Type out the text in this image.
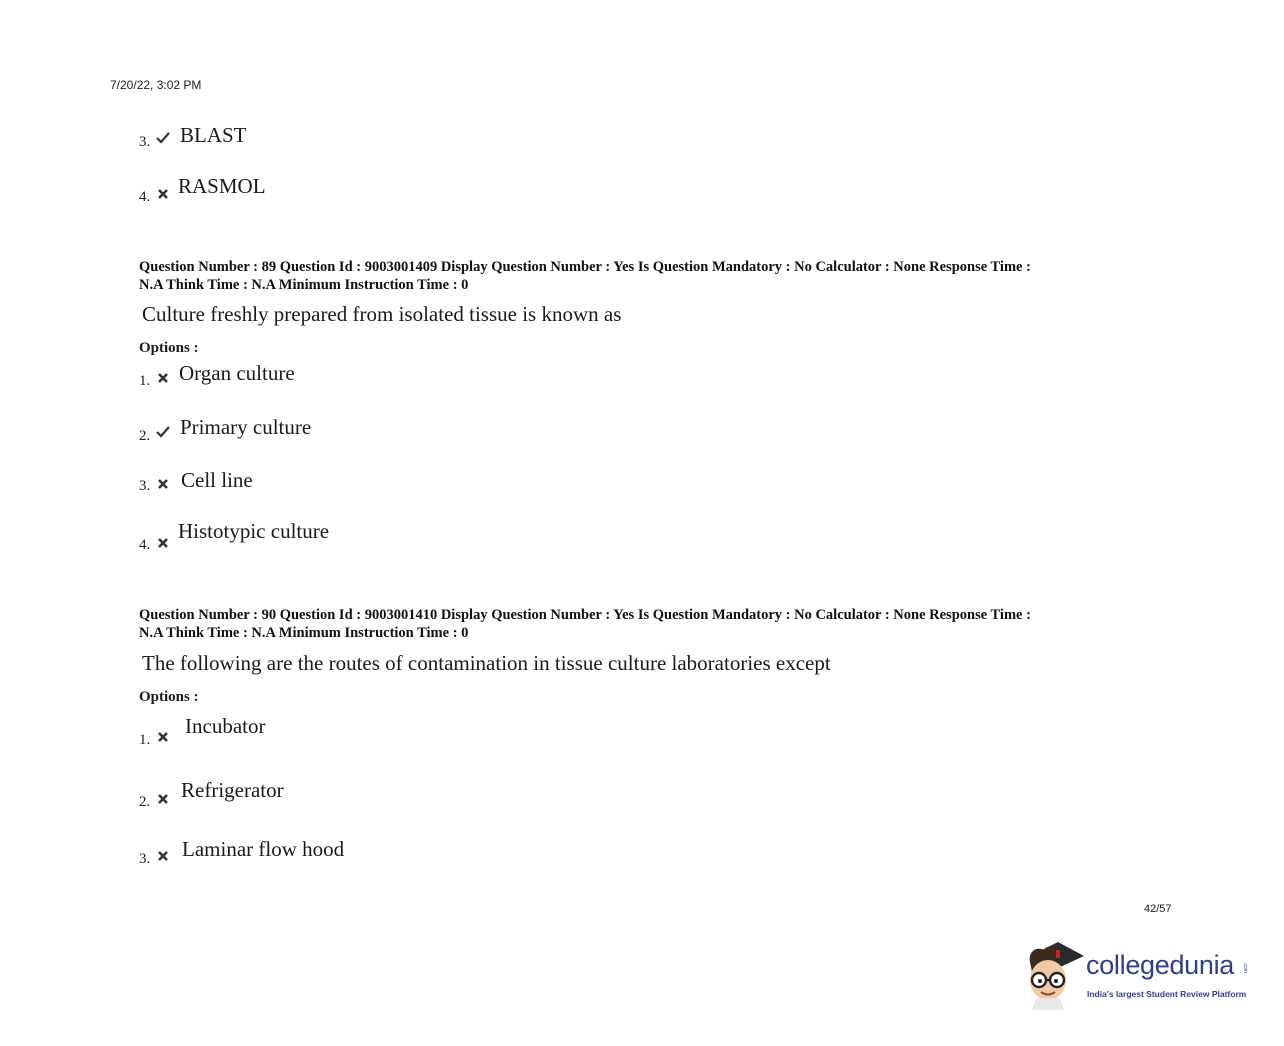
7/20/22, 3:02 PM
3. BLAST
4. RASMOL
Question Number : 89 Question Id : 9003001409 Display Question Number : Yes Is Question Mandatory : No Calculator : None Response Time :
N.A Think Time : N.A Minimum Instruction Time : 0
Culture freshly prepared from isolated tissue is known as
Options :
1. Organ culture
2. Primary culture
3. Cell line
4.
Histotypic culture
Question Number : 90 Question Id : 9003001410 Display Question Number : Yes Is Question Mandatory : No Calculator : None Response Time :
N.A Think Time : N.A Minimum Instruction Time : 0
The following are the routes of contamination in tissue culture laboratories except
Options :
1.
Incubator
2. Refrigerator
3. Laminar flow hood
42/57
collegedunia .com
India's largest Student Review Platform
